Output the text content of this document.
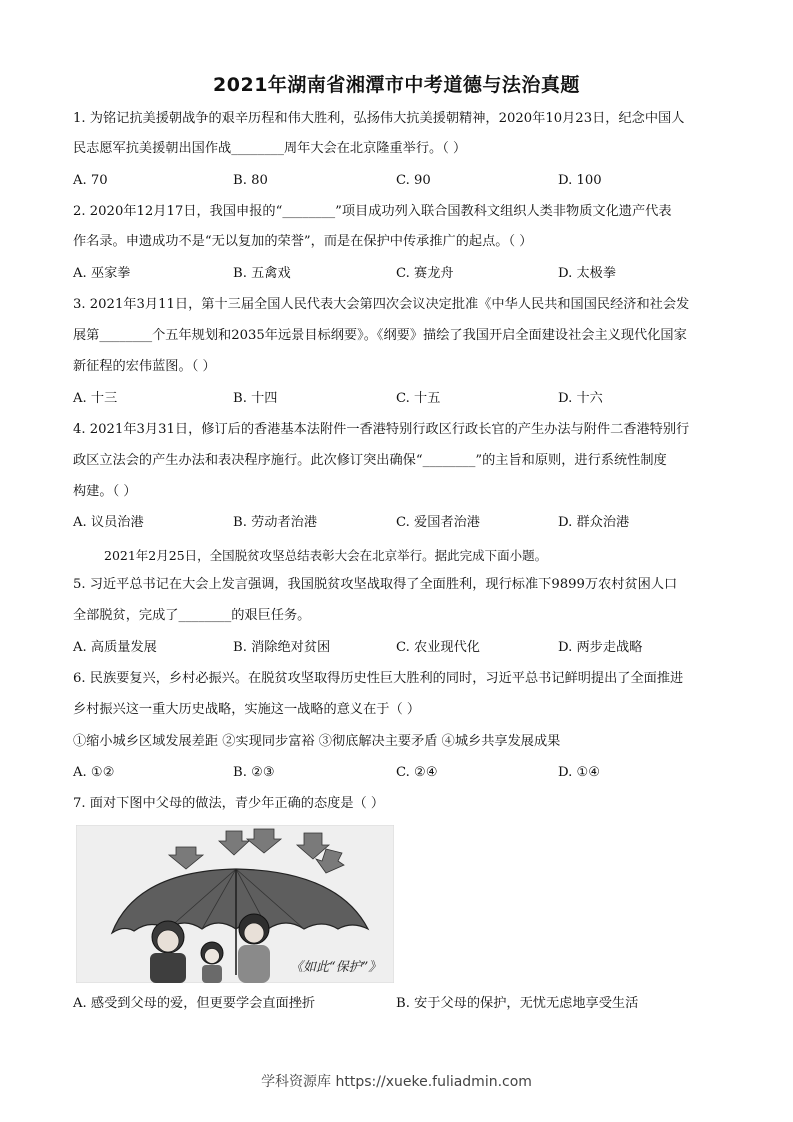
2021年湖南省湘潭市中考道德与法治真题
1. 为铭记抗美援朝战争的艰辛历程和伟大胜利，弘扬伟大抗美援朝精神，2020年10月23日，纪念中国人
民志愿军抗美援朝出国作战________周年大会在北京隆重举行。（ ）
A. 70	B. 80	C. 90	D. 100
2. 2020年12月17日，我国申报的“________”项目成功列入联合国教科文组织人类非物质文化遗产代表
作名录。申遗成功不是“无以复加的荣誉”，而是在保护中传承推广的起点。（ ）
A. 巫家拳	B. 五禽戏	C. 赛龙舟	D. 太极拳
3. 2021年3月11日，第十三届全国人民代表大会第四次会议决定批准《中华人民共和国国民经济和社会发
展第________个五年规划和2035年远景目标纲要》。《纲要》描绘了我国开启全面建设社会主义现代化国家
新征程的宏伟蓝图。（ ）
A. 十三	B. 十四	C. 十五	D. 十六
4. 2021年3月31日，修订后的香港基本法附件一香港特别行政区行政长官的产生办法与附件二香港特别行
政区立法会的产生办法和表决程序施行。此次修订突出确保“________”的主旨和原则，进行系统性制度
构建。（ ）
A. 议员治港	B. 劳动者治港	C. 爱国者治港	D. 群众治港
2021年2月25日，全国脱贫攻坚总结表彰大会在北京举行。据此完成下面小题。
5. 习近平总书记在大会上发言强调，我国脱贫攻坚战取得了全面胜利，现行标准下9899万农村贫困人口
全部脱贫，完成了________的艰巨任务。
A. 高质量发展	B. 消除绝对贫困	C. 农业现代化	D. 两步走战略
6. 民族要复兴，乡村必振兴。在脱贫攻坚取得历史性巨大胜利的同时，习近平总书记鲜明提出了全面推进
乡村振兴这一重大历史战略，实施这一战略的意义在于（ ）
①缩小城乡区域发展差距 ②实现同步富裕 ③彻底解决主要矛盾 ④城乡共享发展成果
A. ①②	B. ②③	C. ②④	D. ①④
7. 面对下图中父母的做法，青少年正确的态度是（ ）
《如此“保护”》
A. 感受到父母的爱，但更要学会直面挫折	B. 安于父母的保护，无忧无虑地享受生活
学科资源库 https://xueke.fuliadmin.com
